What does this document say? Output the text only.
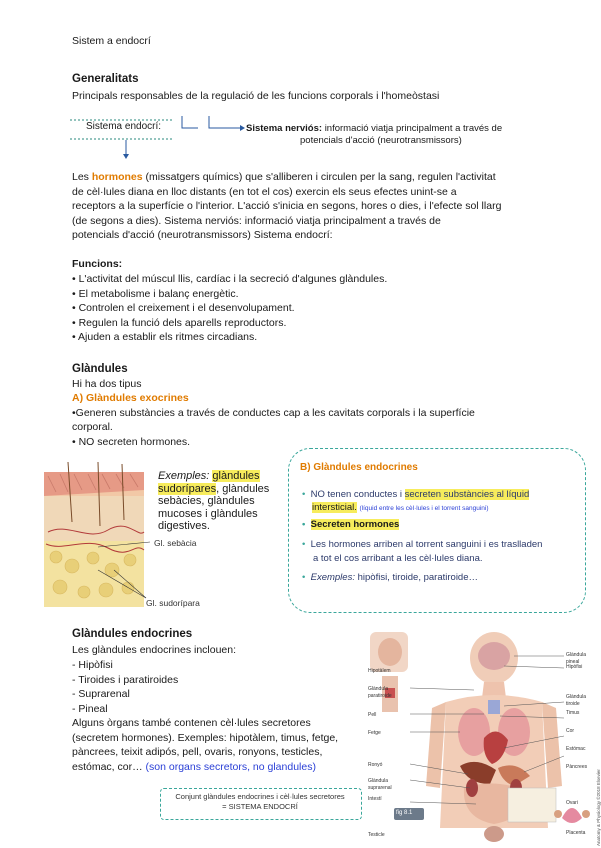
Sistem a endocrí
Generalitats
Principals responsables de la regulació de les funcions corporals i l'homeòstasi
Sistema endocrí:	Sistema nerviós: informació viatja principalment a través de
potencials d'acció (neurotransmissors)
Les hormones (missatgers químics) que s'alliberen i circulen per la sang, regulen l'activitat
de cèl·lules diana en lloc distants (en tot el cos) exercin els seus efectes unint-se a
receptors a la superfície o l'interior. L'acció s'inicia en segons, hores o dies, i l'efecte sol llarg
(de segons a dies). Sistema nerviós: informació viatja principalment a través de
potencials d'acció (neurotransmissors) Sistema endocrí:
Funcions:
• L'activitat del múscul llis, cardíac i la secreció d'algunes glàndules.
• El metabolisme i balanç energètic.
• Controlen el creixement i el desenvolupament.
• Regulen la funció dels aparells reproductors.
• Ajuden a establir els ritmes circadians.
Glàndules
Hi ha dos tipus
A) Glàndules exocrines
•Generen substàncies a través de conductes cap a les cavitats corporals i la superfície
corporal.
• NO secreten hormones.
Gl. sebàcia
Gl. sudorípara
Exemples: glàndules
sudorípares, glàndules
sebàcies, glàndules
mucoses i glàndules
digestives.
B) Glàndules endocrines
• NO tenen conductes i secreten substàncies al líquid
intersticial. (líquid entre les cèl·lules i el torrent sanguini)
• Secreten hormones
• Les hormones arriben al torrent sanguini i es traslladen
a tot el cos arribant a les cèl·lules diana.
• Exemples: hipòfisi, tiroide, paratiroide…
Glàndules endocrines
Les glàndules endocrines inclouen:
- Hipòfisi
- Tiroides i paratiroides
- Suprarenal
- Pineal
Alguns òrgans també contenen cèl·lules secretores
(secretem hormones). Exemples: hipotàlem, timus, fetge,
pàncrees, teixit adipós, pell, ovaris, ronyons, testicles,
estómac, cor… (son organs secretors, no glandules)
Conjunt glàndules endocrines i cèl·lules secretores
= SISTEMA ENDOCRÍ
fig 8.1
Hipotàlem
Glàndula paratiroide
Pell
Fetge
Ronyó
Glàndula suprarenal
Intestí
Testicle
Glàndula pineal
Hipòfisi
Glàndula tiroide
Timus
Cor
Estómac
Pàncrees
Ovari
Placenta Anatomy & Physiology ©2018 Elsevier
